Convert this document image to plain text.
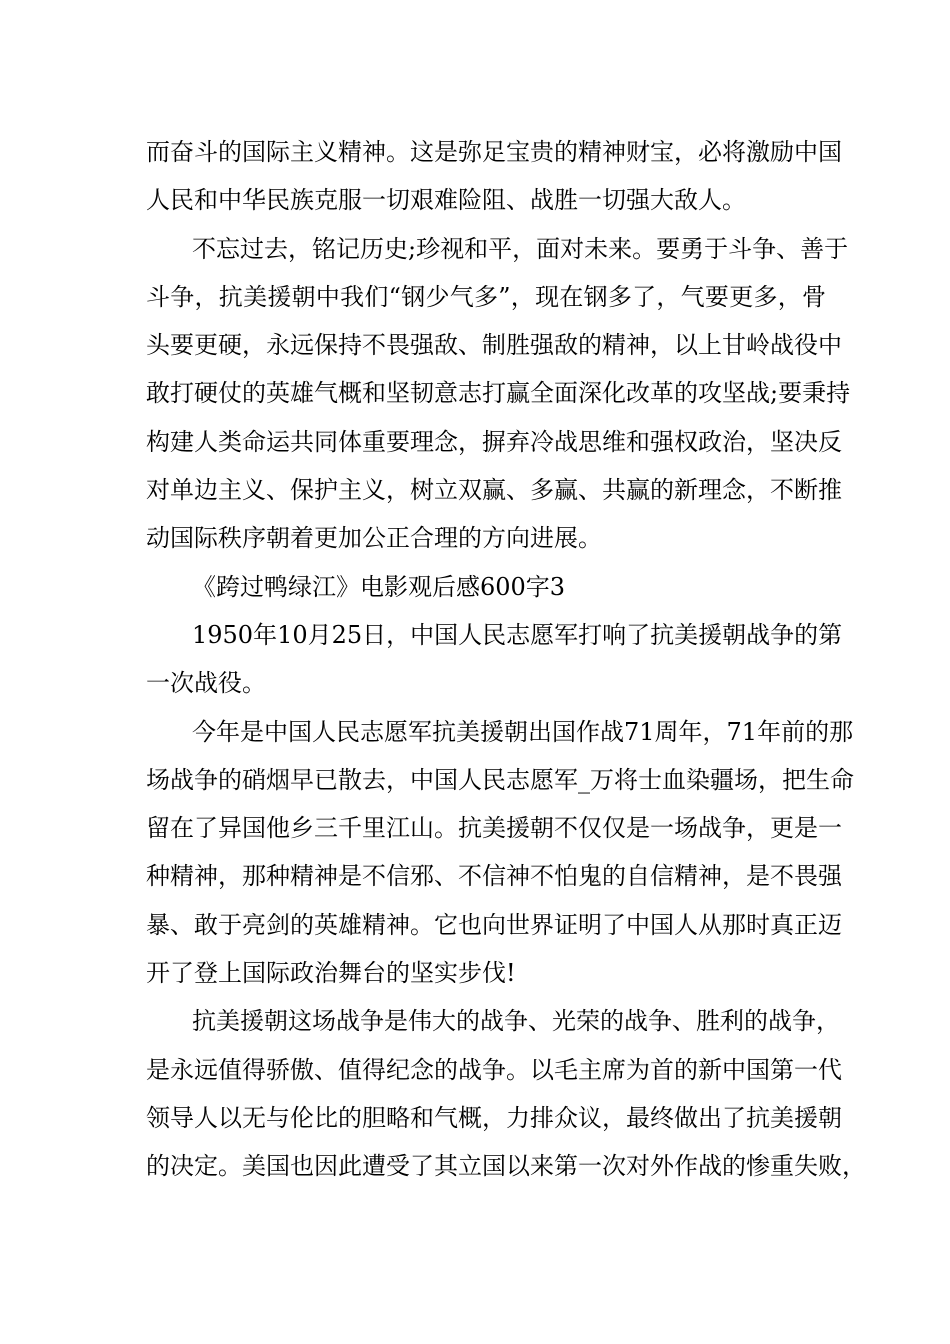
而奋斗的国际主义精神。这是弥足宝贵的精神财宝，必将激励中国
人民和中华民族克服一切艰难险阻、战胜一切强大敌人。
不忘过去，铭记历史;珍视和平，面对未来。要勇于斗争、善于
斗争，抗美援朝中我们“钢少气多”，现在钢多了，气要更多，骨
头要更硬，永远保持不畏强敌、制胜强敌的精神，以上甘岭战役中
敢打硬仗的英雄气概和坚韧意志打赢全面深化改革的攻坚战;要秉持
构建人类命运共同体重要理念，摒弃冷战思维和强权政治，坚决反
对单边主义、保护主义，树立双赢、多赢、共赢的新理念，不断推
动国际秩序朝着更加公正合理的方向进展。
《跨过鸭绿江》电影观后感600字3
1950年10月25日，中国人民志愿军打响了抗美援朝战争的第
一次战役。
今年是中国人民志愿军抗美援朝出国作战71周年，71年前的那
场战争的硝烟早已散去，中国人民志愿军_万将士血染疆场，把生命
留在了异国他乡三千里江山。抗美援朝不仅仅是一场战争，更是一
种精神，那种精神是不信邪、不信神不怕鬼的自信精神，是不畏强
暴、敢于亮剑的英雄精神。它也向世界证明了中国人从那时真正迈
开了登上国际政治舞台的坚实步伐!
抗美援朝这场战争是伟大的战争、光荣的战争、胜利的战争，
是永远值得骄傲、值得纪念的战争。以毛主席为首的新中国第一代
领导人以无与伦比的胆略和气概，力排众议，最终做出了抗美援朝
的决定。美国也因此遭受了其立国以来第一次对外作战的惨重失败，
